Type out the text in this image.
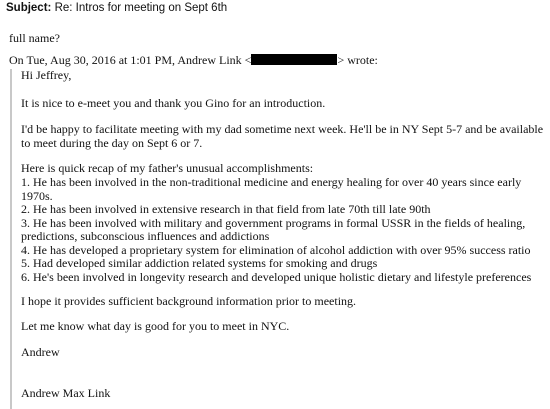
Subject: Re: Intros for meeting on Sept 6th
full name?
On Tue, Aug 30, 2016 at 1:01 PM, Andrew Link <	> wrote:

Hi Jeffrey,

It is nice to e-meet you and thank you Gino for an introduction.

I'd be happy to facilitate meeting with my dad sometime next week. He'll be in NY Sept 5-7 and be available to meet during the day on Sept 6 or 7.

Here is quick recap of my father's unusual accomplishments:

1. He has been involved in the non-traditional medicine and energy healing for over 40 years since early 1970s.
2. He has been involved in extensive research in that field from late 70th till late 90th
3. He has been involved with military and government programs in formal USSR in the fields of healing, predictions, subconscious influences and addictions
4. He has developed a proprietary system for elimination of alcohol addiction with over 95% success ratio
5. Had developed similar addiction related systems for smoking and drugs
6. He's been involved in longevity research and developed unique holistic dietary and lifestyle preferences

I hope it provides sufficient background information prior to meeting.

Let me know what day is good for you to meet in NYC.

Andrew

Andrew Max Link
